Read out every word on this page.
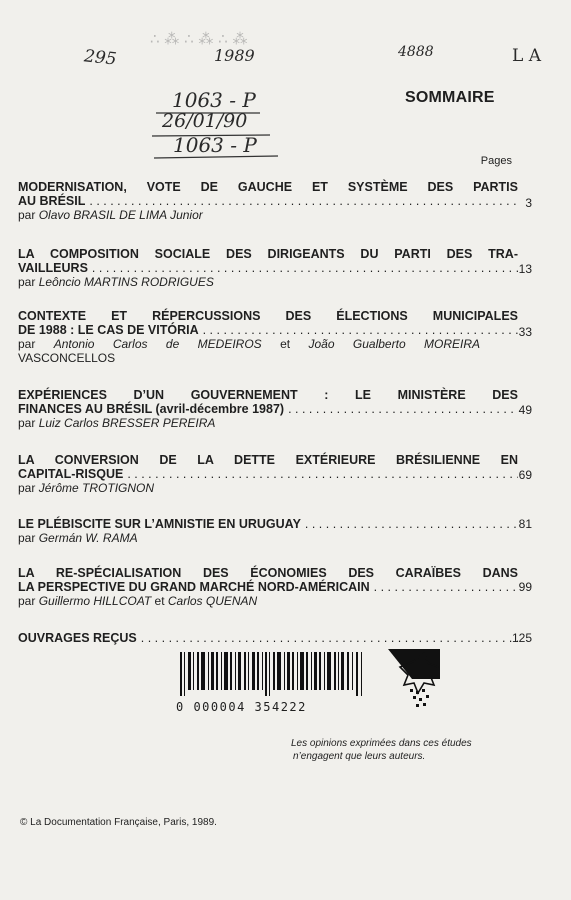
∴ ⁂ ∴ ⁂ ∴ ⁂
295	1989	4888	L A
1063 - P
26/01/90
1063 - P
SOMMAIRE
Pages
MODERNISATION, VOTE DE GAUCHE ET SYSTÈME DES PARTIS
AU BRÉSIL
. . .
par Olavo BRASIL DE LIMA Junior
3
LA COMPOSITION SOCIALE DES DIRIGEANTS DU PARTI DES TRA-
VAILLEURS
. . .
par Leôncio MARTINS RODRIGUES
13
CONTEXTE ET RÉPERCUSSIONS DES ÉLECTIONS MUNICIPALES
DE 1988 : LE CAS DE VITÓRIA
. . .
par Antonio Carlos de MEDEIROS et João Gualberto MOREIRA
VASCONCELLOS
33
EXPÉRIENCES D’UN GOUVERNEMENT : LE MINISTÈRE DES
FINANCES AU BRÉSIL (avril-décembre 1987)
. . .
par Luiz Carlos BRESSER PEREIRA
49
LA CONVERSION DE LA DETTE EXTÉRIEURE BRÉSILIENNE EN
CAPITAL-RISQUE
. . .
par Jérôme TROTIGNON
69
LE PLÉBISCITE SUR L’AMNISTIE EN URUGUAY
. . .
par Germán W. RAMA
81
LA RE-SPÉCIALISATION DES ÉCONOMIES DES CARAÏBES DANS
LA PERSPECTIVE DU GRAND MARCHÉ NORD-AMÉRICAIN
. . .
par Guillermo HILLCOAT et Carlos QUENAN
99
OUVRAGES REÇUS
. . .	125
0 000004 354222
Les opinions exprimées dans ces études
n’engagent que leurs auteurs.
© La Documentation Française, Paris, 1989.
